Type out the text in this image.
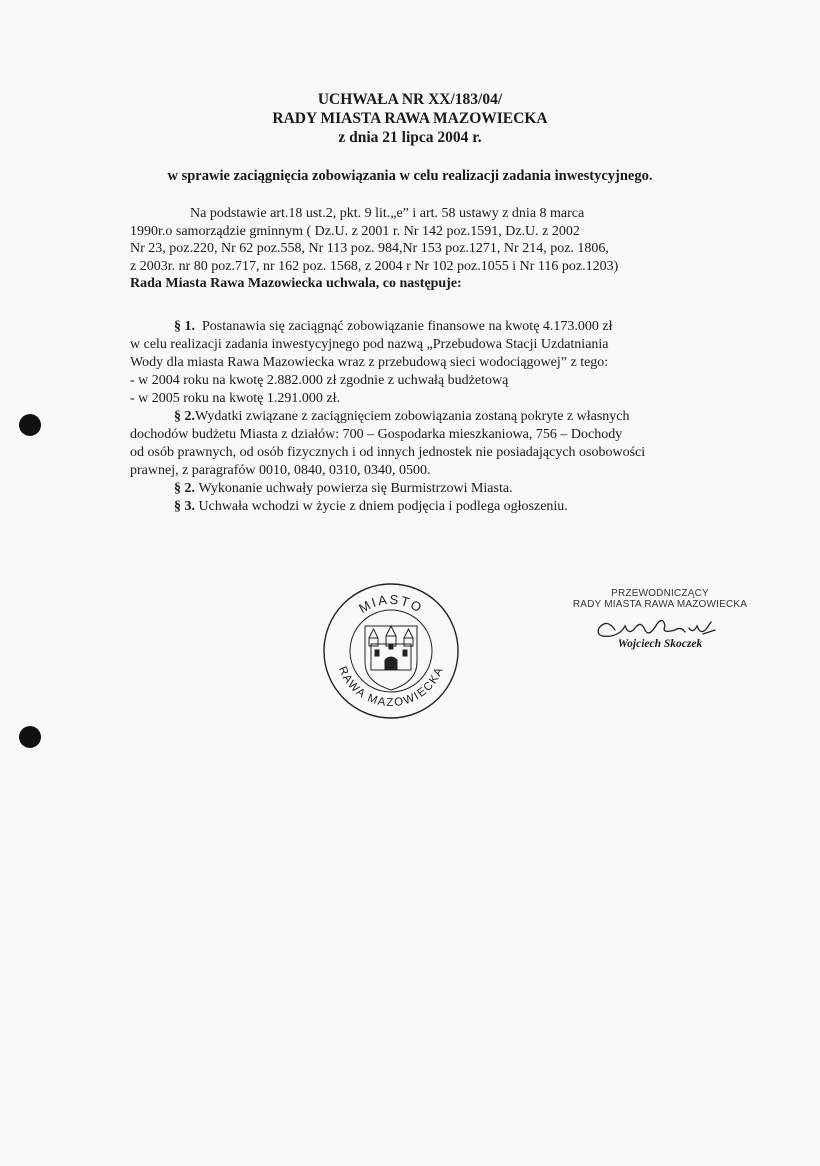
UCHWAŁA NR XX/183/04/
RADY MIASTA RAWA MAZOWIECKA
z dnia 21 lipca 2004 r.
w sprawie zaciągnięcia zobowiązania w celu realizacji zadania inwestycyjnego.
Na podstawie art.18 ust.2, pkt. 9 lit.„e” i art. 58 ustawy z dnia 8 marca
1990r.o samorządzie gminnym ( Dz.U. z 2001 r. Nr 142 poz.1591, Dz.U. z 2002
Nr 23, poz.220, Nr 62 poz.558, Nr 113 poz. 984,Nr 153 poz.1271, Nr 214, poz. 1806,
z 2003r. nr 80 poz.717, nr 162 poz. 1568, z 2004 r Nr 102 poz.1055 i Nr 116 poz.1203)
Rada Miasta Rawa Mazowiecka uchwala, co następuje:
§ 1. Postanawia się zaciągnąć zobowiązanie finansowe na kwotę 4.173.000 zł
w celu realizacji zadania inwestycyjnego pod nazwą „Przebudowa Stacji Uzdatniania
Wody dla miasta Rawa Mazowiecka wraz z przebudową sieci wodociągowej” z tego:
- w 2004 roku na kwotę 2.882.000 zł zgodnie z uchwałą budżetową
- w 2005 roku na kwotę 1.291.000 zł.
§ 2.Wydatki związane z zaciągnięciem zobowiązania zostaną pokryte z własnych
dochodów budżetu Miasta z działów: 700 – Gospodarka mieszkaniowa, 756 – Dochody
od osób prawnych, od osób fizycznych i od innych jednostek nie posiadających osobowości
prawnej, z paragrafów 0010, 0840, 0310, 0340, 0500.
§ 2. Wykonanie uchwały powierza się Burmistrzowi Miasta.
§ 3. Uchwała wchodzi w życie z dniem podjęcia i podlega ogłoszeniu.
MIASTO
RAWA MAZOWIECKA
PRZEWODNICZĄCY
RADY MIASTA RAWA MAZOWIECKA
Wojciech Skoczek
